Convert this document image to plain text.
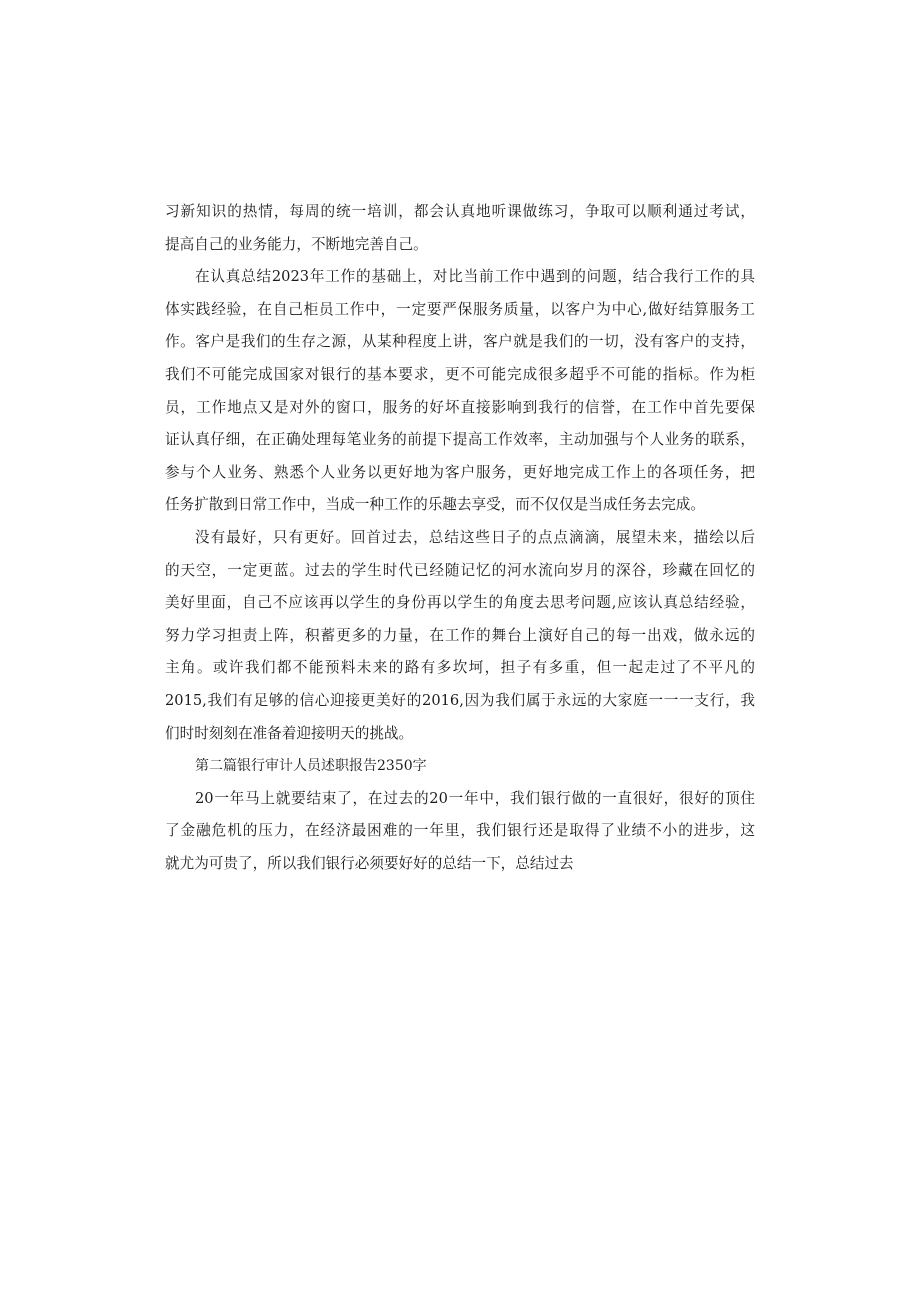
习新知识的热情，每周的统一培训，都会认真地听课做练习，争取可以顺利通过考试，
提高自己的业务能力，不断地完善自己。
在认真总结2023年工作的基础上，对比当前工作中遇到的问题，结合我行工作的具
体实践经验，在自己柜员工作中，一定要严保服务质量，以客户为中心,做好结算服务工
作。客户是我们的生存之源，从某种程度上讲，客户就是我们的一切，没有客户的支持，
我们不可能完成国家对银行的基本要求，更不可能完成很多超乎不可能的指标。作为柜
员，工作地点又是对外的窗口，服务的好坏直接影响到我行的信誉，在工作中首先要保
证认真仔细，在正确处理每笔业务的前提下提高工作效率，主动加强与个人业务的联系，
参与个人业务、熟悉个人业务以更好地为客户服务，更好地完成工作上的各项任务，把
任务扩散到日常工作中，当成一种工作的乐趣去享受，而不仅仅是当成任务去完成。
没有最好，只有更好。回首过去，总结这些日子的点点滴滴，展望未来，描绘以后
的天空，一定更蓝。过去的学生时代已经随记忆的河水流向岁月的深谷，珍藏在回忆的
美好里面，自己不应该再以学生的身份再以学生的角度去思考问题,应该认真总结经验，
努力学习担责上阵，积蓄更多的力量，在工作的舞台上演好自己的每一出戏，做永远的
主角。或许我们都不能预料未来的路有多坎坷，担子有多重，但一起走过了不平凡的
2015,我们有足够的信心迎接更美好的2016,因为我们属于永远的大家庭一一一支行，我
们时时刻刻在准备着迎接明天的挑战。
第二篇银行审计人员述职报告2350字
20一年马上就要结束了，在过去的20一年中，我们银行做的一直很好，很好的顶住
了金融危机的压力，在经济最困难的一年里，我们银行还是取得了业绩不小的进步，这
就尤为可贵了，所以我们银行必须要好好的总结一下，总结过去
